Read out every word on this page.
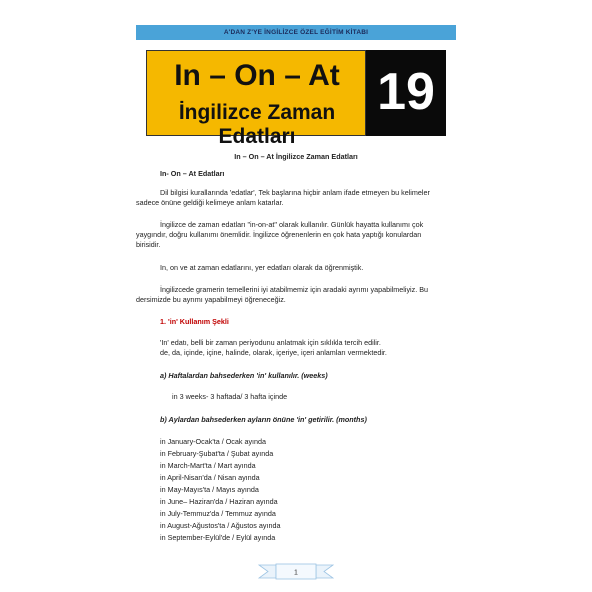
A'DAN Z'YE İNGİLİZCE ÖZEL EĞİTİM KİTABI
In – On – At
İngilizce Zaman Edatları
19
In – On – At İngilizce Zaman Edatları
In- On – At Edatları
Dil bilgisi kurallarında 'edatlar', Tek başlarına hiçbir anlam ifade etmeyen bu kelimeler
sadece önüne geldiği kelimeye anlam katarlar.
İngilizce de zaman edatları "in-on-at" olarak kullanılır. Günlük hayatta kullanımı çok
yaygındır, doğru kullanımı önemlidir. İngilizce öğrenenlerin en çok hata yaptığı konulardan
birisidir.
In, on ve at zaman edatlarını, yer edatları olarak da öğrenmiştik.
İngilizcede gramerin temellerini iyi atabilmemiz için aradaki ayrımı yapabilmeliyiz. Bu
dersimizde bu ayrımı yapabilmeyi öğreneceğiz.
1. 'in' Kullanım Şekli
'In' edatı, belli bir zaman periyodunu anlatmak için sıklıkla tercih edilir.
de, da, içinde, içine, halinde, olarak, içeriye, içeri anlamları vermektedir.
a) Haftalardan bahsederken 'in' kullanılır. (weeks)
in 3 weeks- 3 haftada/ 3 hafta içinde
b) Aylardan bahsederken ayların önüne 'in' getirilir. (months)
in January-Ocak'ta / Ocak ayında
in February-Şubat'ta / Şubat ayında
in March-Mart'ta / Mart ayında
in April-Nisan'da / Nisan ayında
in May-Mayıs'ta / Mayıs ayında
in June– Haziran'da / Haziran ayında
in July-Temmuz'da / Temmuz ayında
in August-Ağustos'ta / Ağustos ayında
in September-Eylül'de / Eylül ayında
1
